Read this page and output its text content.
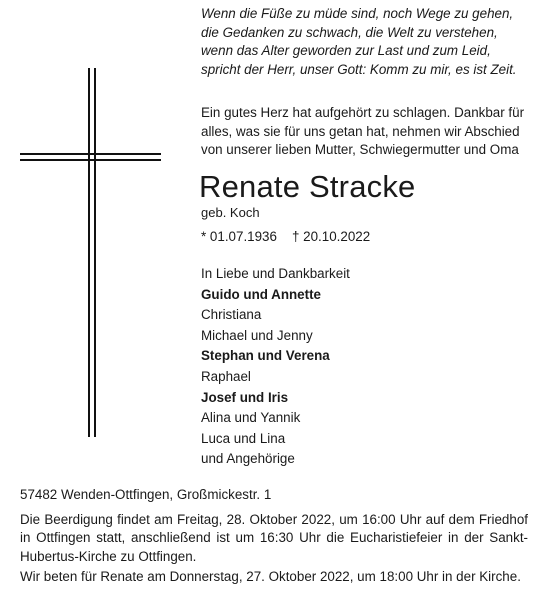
Wenn die Füße zu müde sind, noch Wege zu gehen,
die Gedanken zu schwach, die Welt zu verstehen,
wenn das Alter geworden zur Last und zum Leid,
spricht der Herr, unser Gott: Komm zu mir, es ist Zeit.
Ein gutes Herz hat aufgehört zu schlagen. Dankbar für
alles, was sie für uns getan hat, nehmen wir Abschied
von unserer lieben Mutter, Schwiegermutter und Oma
Renate Stracke
geb. Koch
* 01.07.1936 † 20.10.2022
In Liebe und Dankbarkeit
Guido und Annette
Christiana
Michael und Jenny
Stephan und Verena
Raphael
Josef und Iris
Alina und Yannik
Luca und Lina
und Angehörige
57482 Wenden-Ottfingen, Großmickestr. 1
Die Beerdigung findet am Freitag, 28. Oktober 2022, um 16:00 Uhr auf dem Friedhof
in Ottfingen statt, anschließend ist um 16:30 Uhr die Eucharistiefeier in der Sankt-
Hubertus-Kirche zu Ottfingen.
Wir beten für Renate am Donnerstag, 27. Oktober 2022, um 18:00 Uhr in der Kirche.
